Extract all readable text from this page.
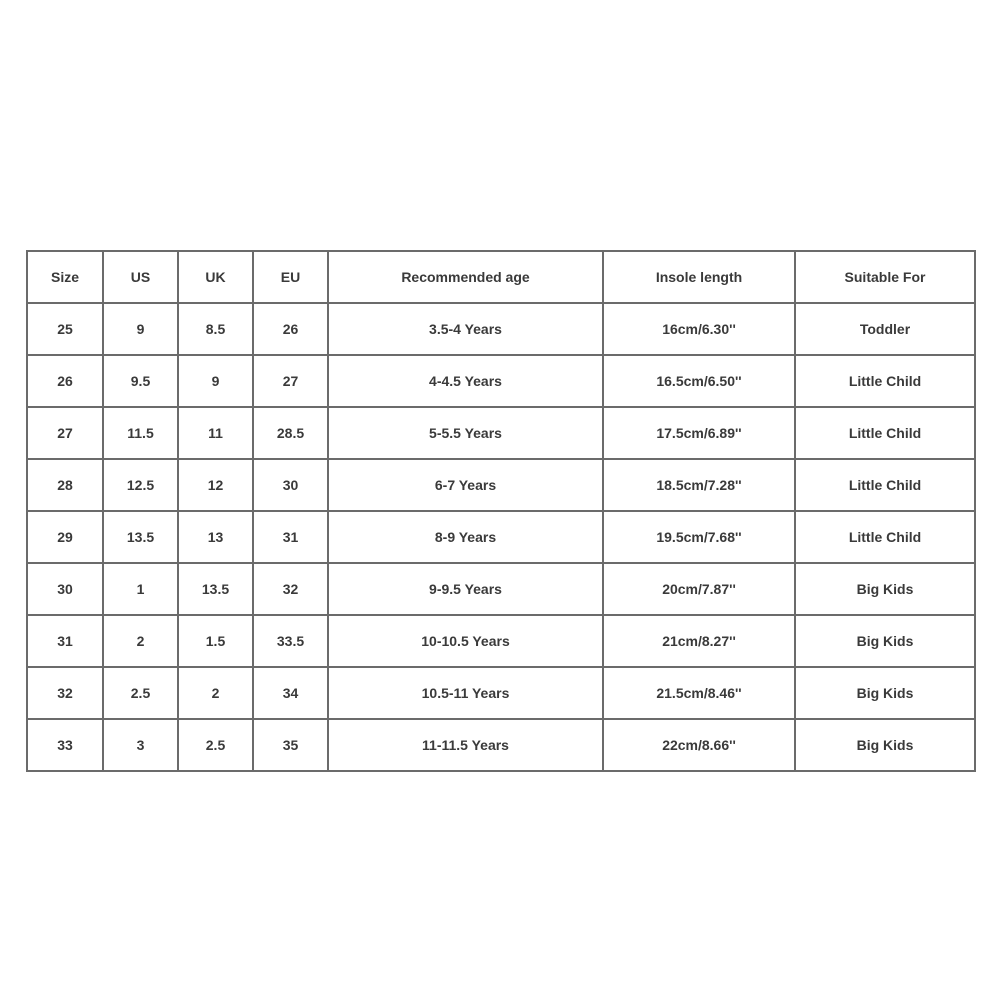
Size	US	UK	EU	Recommended age	Insole length	Suitable For
25	9	8.5	26	3.5-4 Years	16cm/6.30''	Toddler
26	9.5	9	27	4-4.5 Years	16.5cm/6.50''	Little Child
27	11.5	11	28.5	5-5.5 Years	17.5cm/6.89''	Little Child
28	12.5	12	30	6-7 Years	18.5cm/7.28''	Little Child
29	13.5	13	31	8-9 Years	19.5cm/7.68''	Little Child
30	1	13.5	32	9-9.5 Years	20cm/7.87''	Big Kids
31	2	1.5	33.5	10-10.5 Years	21cm/8.27''	Big Kids
32	2.5	2	34	10.5-11 Years	21.5cm/8.46''	Big Kids
33	3	2.5	35	11-11.5 Years	22cm/8.66''	Big Kids
